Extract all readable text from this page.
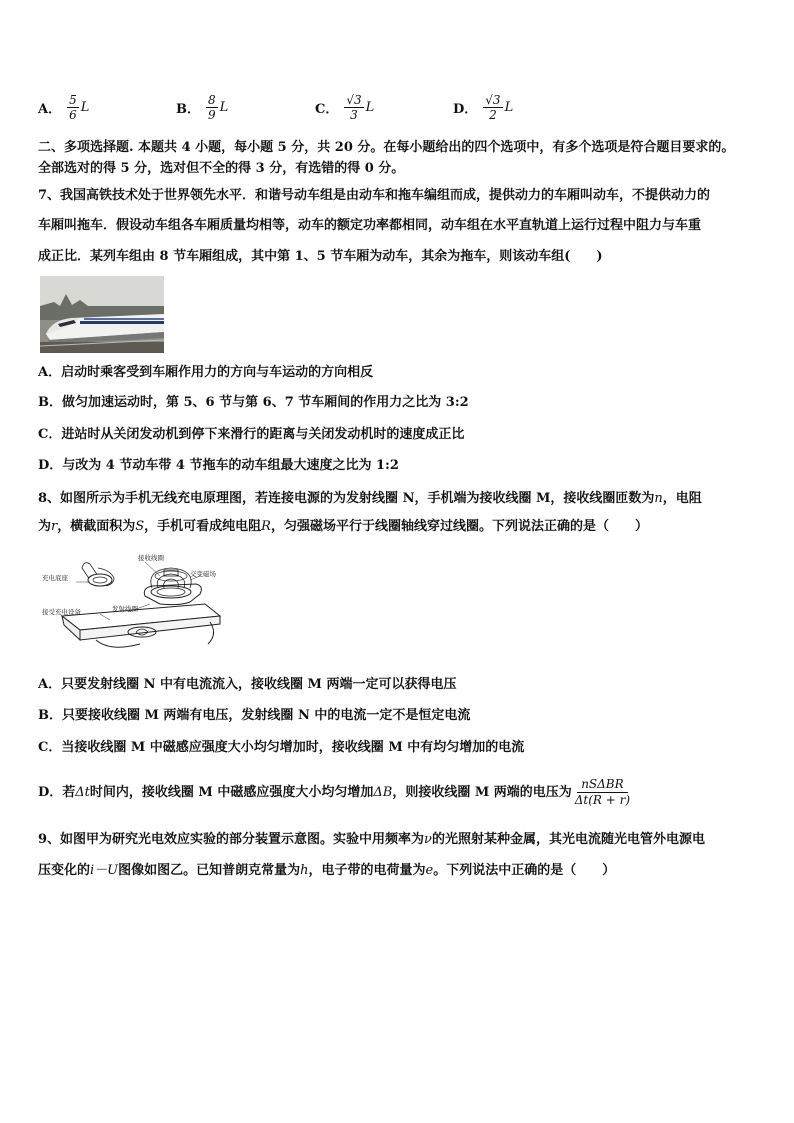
A． $\frac{5}{6}$ L	B． $\frac{8}{9}$ L	C． $\frac{√3}{3}$ L	D． $\frac{√3}{2}$ L
二、多项选择题. 本题共 4 小题，每小题 5 分，共 20 分。在每小题给出的四个选项中，有多个选项是符合题目要求的。
全部选对的得 5 分，选对但不全的得 3 分，有选错的得 0 分。
7、我国高铁技术处于世界领先水平．和谐号动车组是由动车和拖车编组而成，提供动力的车厢叫动车，不提供动力的
车厢叫拖车．假设动车组各车厢质量均相等，动车的额定功率都相同，动车组在水平直轨道上运行过程中阻力与车重
成正比．某列车组由 8 节车厢组成，其中第 1、5 节车厢为动车，其余为拖车，则该动车组(　　)
A．启动时乘客受到车厢作用力的方向与车运动的方向相反
B．做匀加速运动时，第 5、6 节与第 6、7 节车厢间的作用力之比为 3:2
C．进站时从关闭发动机到停下来滑行的距离与关闭发动机时的速度成正比
D．与改为 4 节动车带 4 节拖车的动车组最大速度之比为 1:2
8、如图所示为手机无线充电原理图，若连接电源的为发射线圈 N，手机端为接收线圈 M，接收线圈匝数为n，电阻
为r，横截面积为S，手机可看成纯电阻R，匀强磁场平行于线圈轴线穿过线圈。下列说法正确的是（　　）
接收线圈
充电底座	交变磁场
接受充电设备	发射线圈
A．只要发射线圈 N 中有电流流入，接收线圈 M 两端一定可以获得电压
B．只要接收线圈 M 两端有电压，发射线圈 N 中的电流一定不是恒定电流
C．当接收线圈 M 中磁感应强度大小均匀增加时，接收线圈 M 中有均匀增加的电流
D．若Δt时间内，接收线圈 M 中磁感应强度大小均匀增加ΔB，则接收线圈 M 两端的电压为 $\frac{\text{nSΔBR}}{\Delta t(R + r)}$
9、如图甲为研究光电效应实验的部分装置示意图。实验中用频率为ν的光照射某种金属，其光电流随光电管外电源电
压变化的i－U图像如图乙。已知普朗克常量为h，电子带的电荷量为e。下列说法中正确的是（　　）
